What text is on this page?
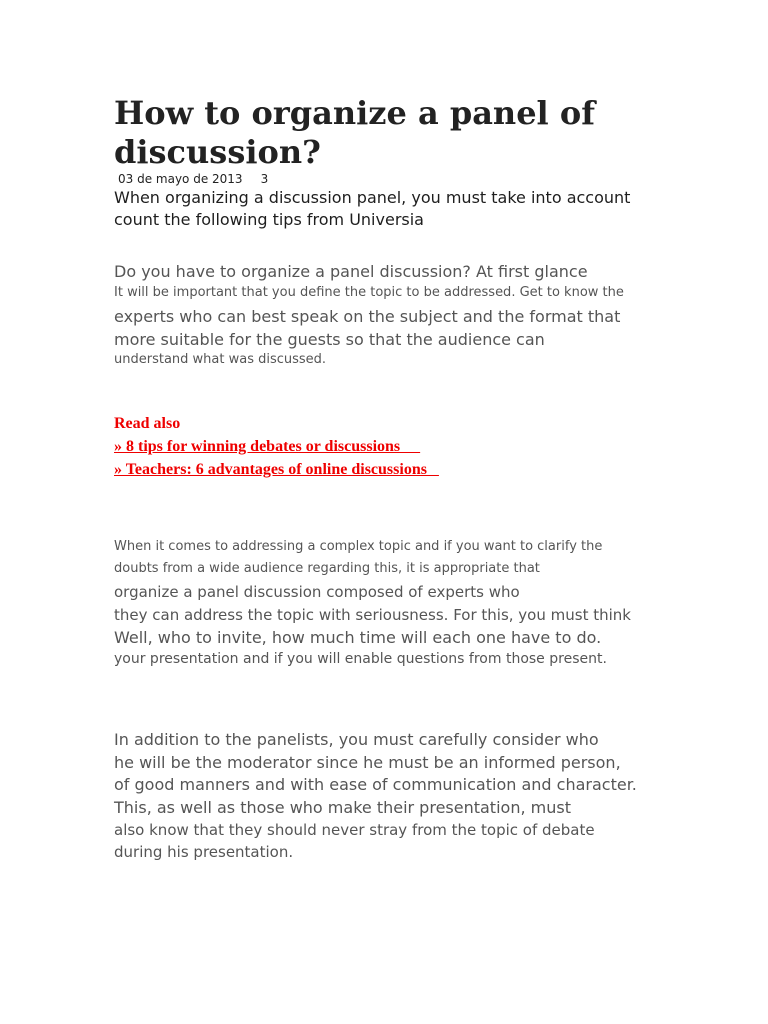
How to organize a panel of discussion?
03 de mayo de 2013 3
When organizing a discussion panel, you must take into account
count the following tips from Universia
Do you have to organize a panel discussion? At first glance
It will be important that you define the topic to be addressed. Get to know the
experts who can best speak on the subject and the format that
more suitable for the guests so that the audience can
understand what was discussed.
Read also
» 8 tips for winning debates or discussions
» Teachers: 6 advantages of online discussions
When it comes to addressing a complex topic and if you want to clarify the
doubts from a wide audience regarding this, it is appropriate that
organize a panel discussion composed of experts who
they can address the topic with seriousness. For this, you must think
Well, who to invite, how much time will each one have to do.
your presentation and if you will enable questions from those present.
In addition to the panelists, you must carefully consider who
he will be the moderator since he must be an informed person,
of good manners and with ease of communication and character.
This, as well as those who make their presentation, must
also know that they should never stray from the topic of debate
during his presentation.
